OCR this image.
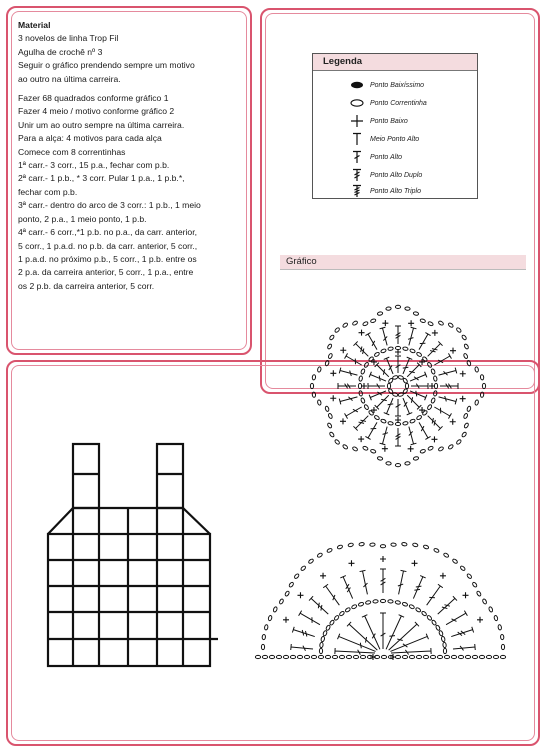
Material
3 novelos de linha Trop Fil
Agulha de crochê nº 3
Seguir o gráfico prendendo sempre um motivo
ao outro na última carreira.
Fazer 68 quadrados conforme gráfico 1
Fazer 4 meio / motivo conforme gráfico 2
Unir um ao outro sempre na última carreira.
Para a alça: 4 motivos para cada alça
Comece com 8 correntinhas
1ª carr.- 3 corr., 15 p.a., fechar com p.b.
2ª carr.- 1 p.b., * 3 corr. Pular 1 p.a., 1 p.b.*,
fechar com p.b.
3ª carr.- dentro do arco de 3 corr.: 1 p.b., 1 meio
ponto, 2 p.a., 1 meio ponto, 1 p.b.
4ª carr.- 6 corr.,*1 p.b. no p.a., da carr. anterior,
5 corr., 1 p.a.d. no p.b. da carr. anterior, 5 corr.,
1 p.a.d. no próximo p.b., 5 corr., 1 p.b. entre os
2 p.a. da carreira anterior, 5 corr., 1 p.a., entre
os 2 p.b. da carreira anterior, 5 corr.
Legenda
Ponto Baixíssimo
Ponto Correntinha
Ponto Baixo
Meio Ponto Alto
Ponto Alto
Ponto Alto Duplo
Ponto Alto Triplo
Gráfico
